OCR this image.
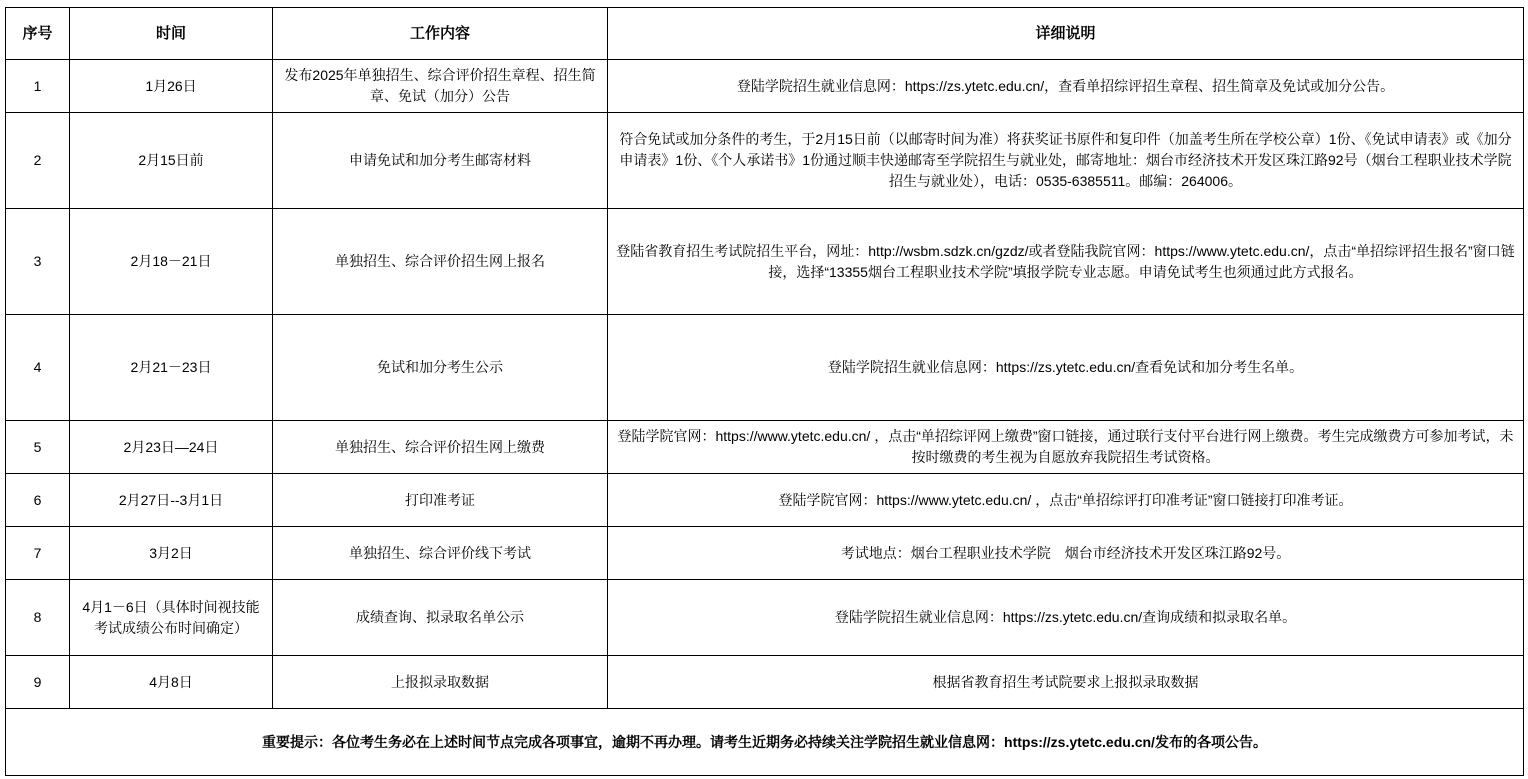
序号	时间	工作内容	详细说明
1	1月26日	发布2025年单独招生、综合评价招生章程、招生简章、免试（加分）公告	登陆学院招生就业信息网：https://zs.ytetc.edu.cn/，查看单招综评招生章程、招生简章及免试或加分公告。
2	2月15日前	申请免试和加分考生邮寄材料	符合免试或加分条件的考生，于2月15日前（以邮寄时间为准）将获奖证书原件和复印件（加盖考生所在学校公章）1份、《免试申请表》或《加分申请表》1份、《个人承诺书》1份通过顺丰快递邮寄至学院招生与就业处，邮寄地址：烟台市经济技术开发区珠江路92号（烟台工程职业技术学院招生与就业处），电话：0535-6385511。邮编：264006。
3	2月18－21日	单独招生、综合评价招生网上报名	登陆省教育招生考试院招生平台，网址：http://wsbm.sdzk.cn/gzdz/或者登陆我院官网：https://www.ytetc.edu.cn/，点击“单招综评招生报名”窗口链接，选择“13355烟台工程职业技术学院”填报学院专业志愿。申请免试考生也须通过此方式报名。
4	2月21－23日	免试和加分考生公示	登陆学院招生就业信息网：https://zs.ytetc.edu.cn/查看免试和加分考生名单。
5	2月23日—24日	单独招生、综合评价招生网上缴费	登陆学院官网：https://www.ytetc.edu.cn/ ，点击“单招综评网上缴费”窗口链接，通过联行支付平台进行网上缴费。考生完成缴费方可参加考试，未按时缴费的考生视为自愿放弃我院招生考试资格。
6	2月27日--3月1日	打印准考证	登陆学院官网：https://www.ytetc.edu.cn/ ，点击“单招综评打印准考证”窗口链接打印准考证。
7	3月2日	单独招生、综合评价线下考试	考试地点：烟台工程职业技术学院　烟台市经济技术开发区珠江路92号。
8	4月1－6日（具体时间视技能考试成绩公布时间确定）	成绩查询、拟录取名单公示	登陆学院招生就业信息网：https://zs.ytetc.edu.cn/查询成绩和拟录取名单。
9	4月8日	上报拟录取数据	根据省教育招生考试院要求上报拟录取数据
重要提示：各位考生务必在上述时间节点完成各项事宜，逾期不再办理。请考生近期务必持续关注学院招生就业信息网：https://zs.ytetc.edu.cn/发布的各项公告。			
